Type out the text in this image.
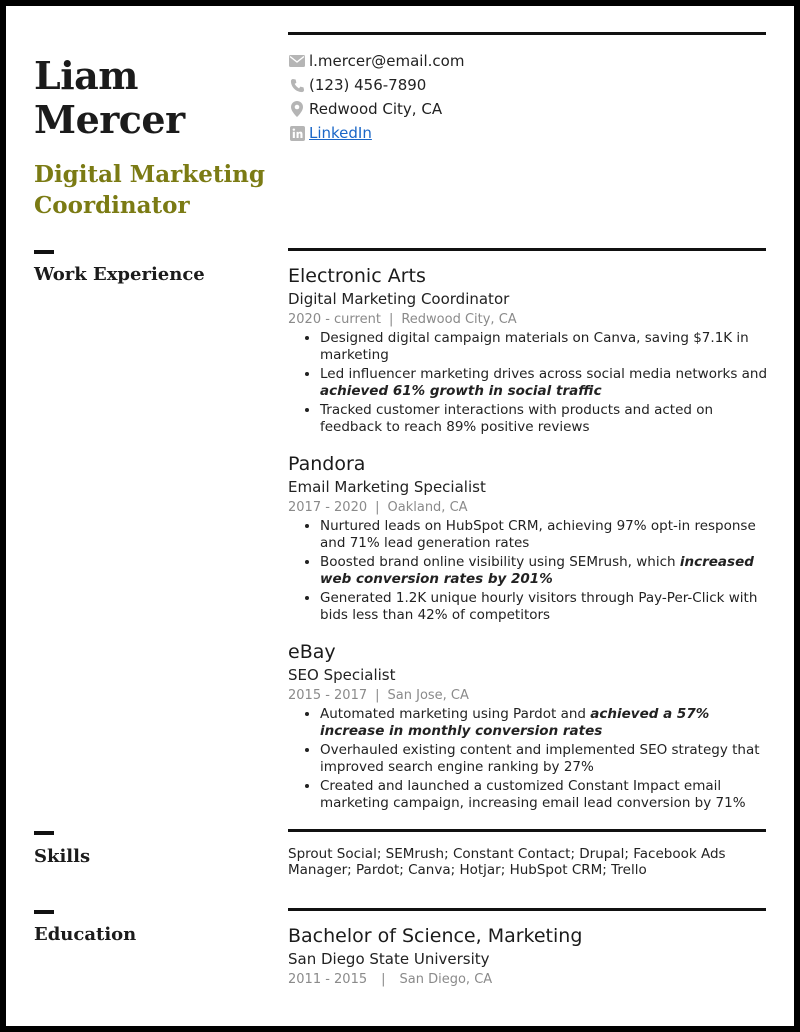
Liam
Mercer
Digital Marketing Coordinator
l.mercer@email.com
(123) 456-7890
Redwood City, CA
LinkedIn
Work Experience	Electronic Arts
Digital Marketing Coordinator
2020 - current | Redwood City, CA
• Designed digital campaign materials on Canva, saving $7.1K in marketing
• Led influencer marketing drives across social media networks and achieved 61% growth in social traffic
• Tracked customer interactions with products and acted on feedback to reach 89% positive reviews
Pandora
Email Marketing Specialist
2017 - 2020 | Oakland, CA
• Nurtured leads on HubSpot CRM, achieving 97% opt-in response and 71% lead generation rates
• Boosted brand online visibility using SEMrush, which increased web conversion rates by 201%
• Generated 1.2K unique hourly visitors through Pay-Per-Click with bids less than 42% of competitors
eBay
SEO Specialist
2015 - 2017 | San Jose, CA
• Automated marketing using Pardot and achieved a 57% increase in monthly conversion rates
• Overhauled existing content and implemented SEO strategy that improved search engine ranking by 27%
• Created and launched a customized Constant Impact email marketing campaign, increasing email lead conversion by 71%
Skills	Sprout Social; SEMrush; Constant Contact; Drupal; Facebook Ads Manager; Pardot; Canva; Hotjar; HubSpot CRM; Trello
Education	Bachelor of Science, Marketing
San Diego State University
2011 - 2015 | San Diego, CA
